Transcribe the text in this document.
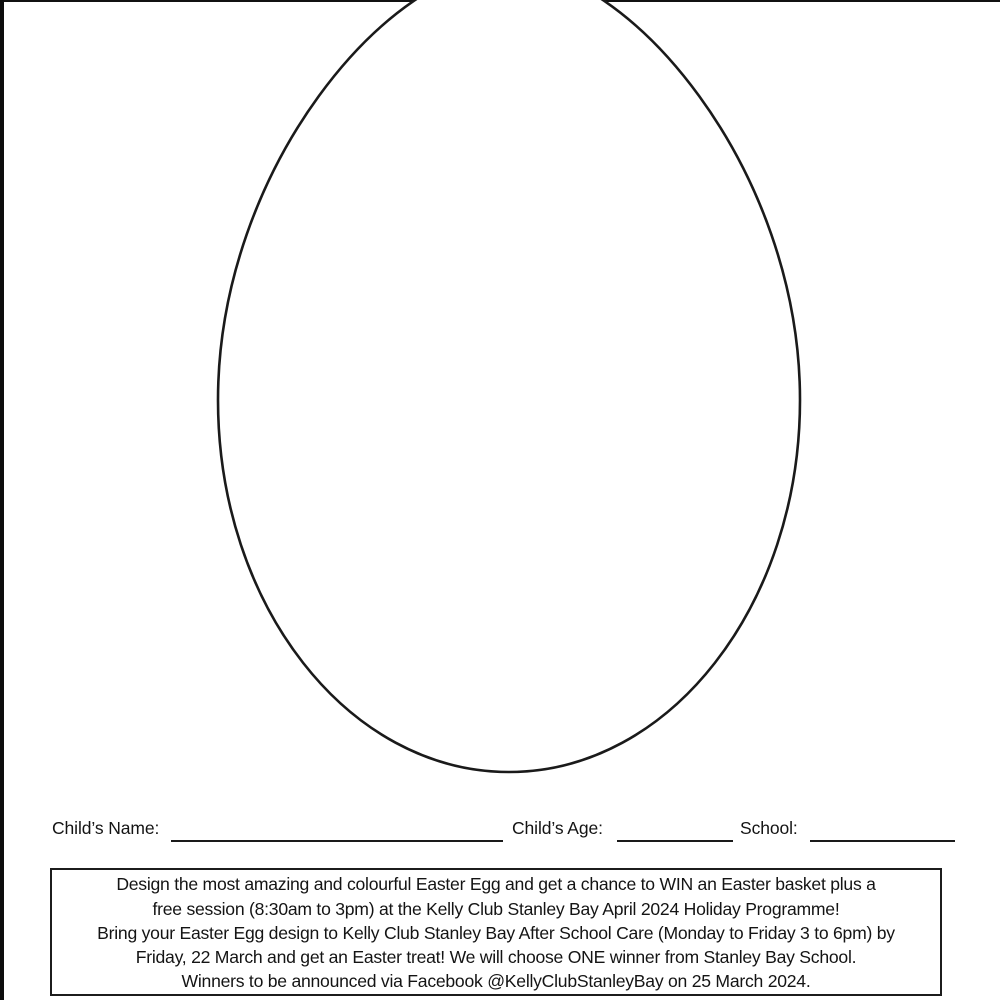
Child’s Name:	Child’s Age:	School:
Design the most amazing and colourful Easter Egg and get a chance to WIN an Easter basket plus a
free session (8:30am to 3pm) at the Kelly Club Stanley Bay April 2024 Holiday Programme!
Bring your Easter Egg design to Kelly Club Stanley Bay After School Care (Monday to Friday 3 to 6pm) by
Friday, 22 March and get an Easter treat! We will choose ONE winner from Stanley Bay School.
Winners to be announced via Facebook @KellyClubStanleyBay on 25 March 2024.
